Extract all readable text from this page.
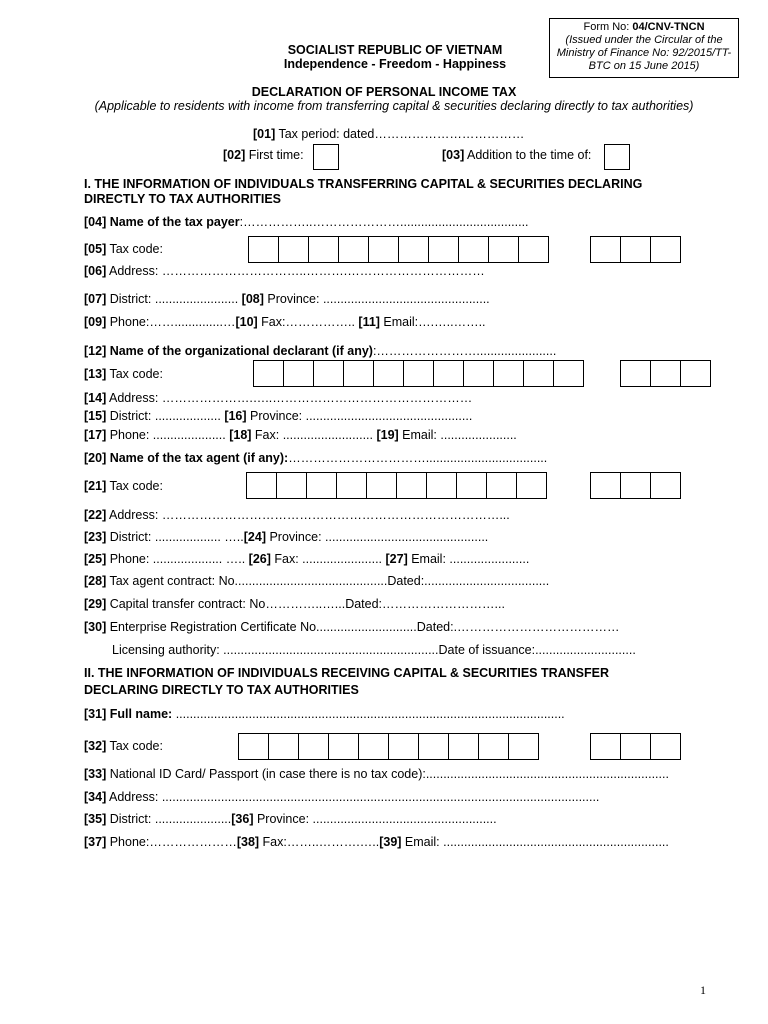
Form No: 04/CNV-TNCN
(Issued under the Circular of the
Ministry of Finance No: 92/2015/TT-
BTC on 15 June 2015)
SOCIALIST REPUBLIC OF VIETNAM
Independence - Freedom - Happiness
DECLARATION OF PERSONAL INCOME TAX
(Applicable to residents with income from transferring capital & securities declaring directly to tax authorities)
[01] Tax period: dated………………………………
[02] First time:	[03] Addition to the time of:
I. THE INFORMATION OF INDIVIDUALS TRANSFERRING CAPITAL & SECURITIES DECLARING
DIRECTLY TO TAX AUTHORITIES
[04] Name of the tax payer:……………..………………….....................................
[05] Tax code:
[06] Address: ……………………………..……….……………………………
[07] District: ........................ [08] Province: ................................................
[09] Phone:……..............…[10] Fax:…………….. [11] Email:….…..……..
[12] Name of the organizational declarant (if any):…………………….......................
[13] Tax code:
[14] Address: ………………….…..…………………………………………
[15] District: ................... [16] Province: ................................................
[17] Phone: ..................... [18] Fax: .......................... [19] Email: ......................
[20] Name of the tax agent (if any):……………………………...................................
[21] Tax code:
[22] Address: ………………………………………………………………………...
[23] District: ................... …..[24] Province: ...............................................
[25] Phone: .................... ….. [26] Fax: ....................... [27] Email: .......................
[28] Tax agent contract: No............................................Dated:....................................
[29] Capital transfer contract: No…………..…...Dated:………………………...
[30] Enterprise Registration Certificate No.............................Dated:.…………………………………
Licensing authority: ..............................................................Date of issuance:.............................
II. THE INFORMATION OF INDIVIDUALS RECEIVING CAPITAL & SECURITIES TRANSFER
DECLARING DIRECTLY TO TAX AUTHORITIES
[31] Full name: ................................................................................................................
[32] Tax code:
[33] National ID Card/ Passport (in case there is no tax code):......................................................................
[34] Address: ..............................................................................................................................
[35] District: ......................[36] Province: .....................................................
[37] Phone:…………………[38] Fax:……..……….…..[39] Email: .................................................................
1
